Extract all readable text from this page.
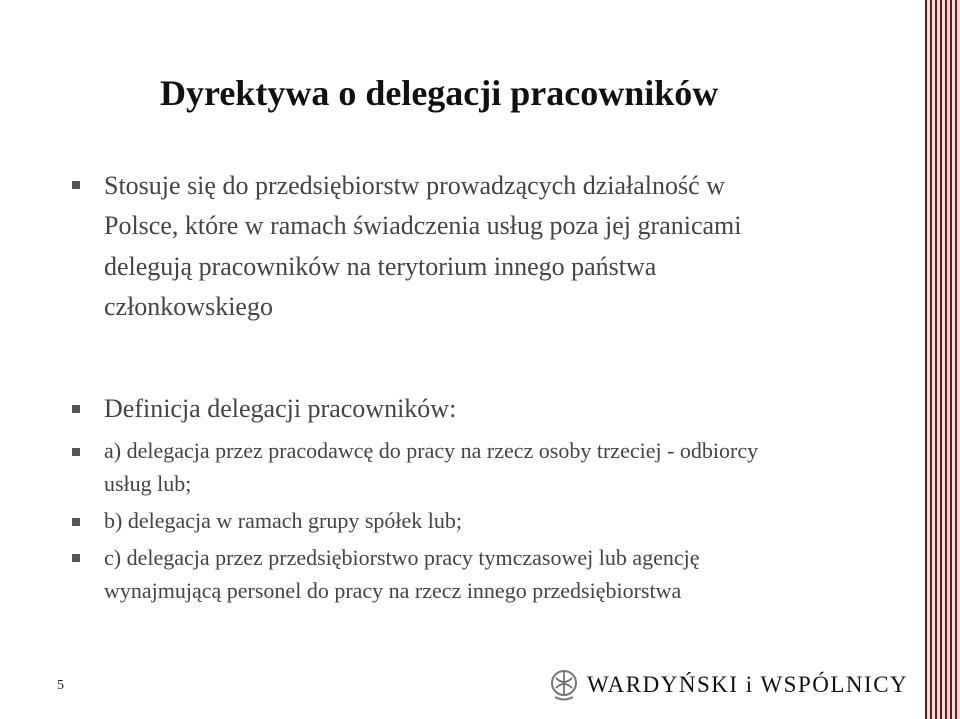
Dyrektywa o delegacji pracowników
Stosuje się do przedsiębiorstw prowadzących działalność w
Polsce, które w ramach świadczenia usług poza jej granicami
delegują pracowników na terytorium innego państwa
członkowskiego
Definicja delegacji pracowników:
a) delegacja przez pracodawcę do pracy na rzecz osoby trzeciej - odbiorcy
usług lub;
b) delegacja w ramach grupy spółek lub;
c) delegacja przez przedsiębiorstwo pracy tymczasowej lub agencję
wynajmującą personel do pracy na rzecz innego przedsiębiorstwa
5	WARDYŃSKI i WSPÓLNICY
